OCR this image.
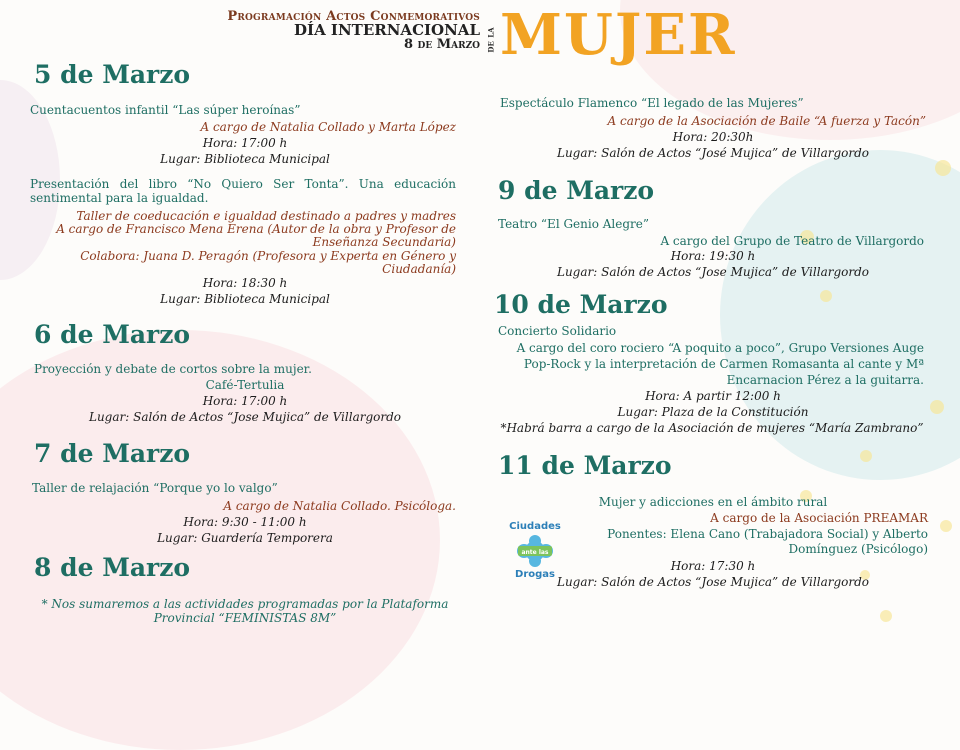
Programación Actos Conmemorativos
DÍA INTERNACIONAL
8 de Marzo de la MUJER
5 de Marzo
Cuentacuentos infantil “Las súper heroínas”
A cargo de Natalia Collado y Marta López
Hora: 17:00 h
Lugar: Biblioteca Municipal
Presentación del libro “No Quiero Ser Tonta”. Una educación sentimental para la igualdad.
Taller de coeducación e igualdad destinado a padres y madres
A cargo de Francisco Mena Erena (Autor de la obra y Profesor de Enseñanza Secundaria)
Colabora: Juana D. Peragón (Profesora y Experta en Género y Ciudadanía)
Hora: 18:30 h
Lugar: Biblioteca Municipal
6 de Marzo
Proyección y debate de cortos sobre la mujer.
Café-Tertulia
Hora: 17:00 h
Lugar: Salón de Actos “Jose Mujica” de Villargordo
7 de Marzo
Taller de relajación “Porque yo lo valgo”
A cargo de Natalia Collado. Psicóloga.
Hora: 9:30 - 11:00 h
Lugar: Guardería Temporera
8 de Marzo
* Nos sumaremos a las actividades programadas por la Plataforma Provincial “FEMINISTAS 8M”
Espectáculo Flamenco “El legado de las Mujeres”
A cargo de la Asociación de Baile “A fuerza y Tacón”
Hora: 20:30h
Lugar: Salón de Actos “José Mujica” de Villargordo
9 de Marzo
Teatro “El Genio Alegre”
A cargo del Grupo de Teatro de Villargordo
Hora: 19:30 h
Lugar: Salón de Actos “Jose Mujica” de Villargordo
10 de Marzo
Concierto Solidario
A cargo del coro rociero “A poquito a poco”, Grupo Versiones Auge Pop-Rock y la interpretación de Carmen Romasanta al cante y Mª Encarnacion Pérez a la guitarra.
Hora: A partir 12:00 h
Lugar: Plaza de la Constitución
*Habrá barra a cargo de la Asociación de mujeres “María Zambrano”
11 de Marzo
Mujer y adicciones en el ámbito rural
A cargo de la Asociación PREAMAR
Ponentes: Elena Cano (Trabajadora Social) y Alberto Domínguez (Psicólogo)
Hora: 17:30 h
Lugar: Salón de Actos “Jose Mujica” de Villargordo
Ciudades
ante las
Drogas
